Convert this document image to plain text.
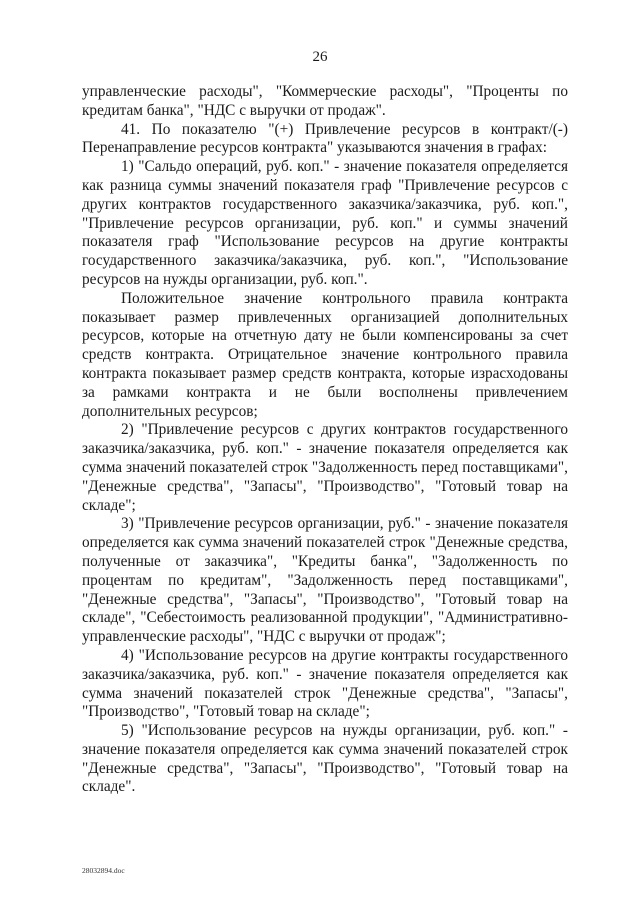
26

управленческие расходы", "Коммерческие расходы", "Проценты по кредитам банка", "НДС с выручки от продаж".

41. По показателю "(+) Привлечение ресурсов в контракт/(-) Перенаправление ресурсов контракта" указываются значения в графах:

1) "Сальдо операций, руб. коп." - значение показателя определяется как разница суммы значений показателя граф "Привлечение ресурсов с других контрактов государственного заказчика/заказчика, руб. коп.", "Привлечение ресурсов организации, руб. коп." и суммы значений показателя граф "Использование ресурсов на другие контракты государственного заказчика/заказчика, руб. коп.", "Использование ресурсов на нужды организации, руб. коп.".

Положительное значение контрольного правила контракта показывает размер привлеченных организацией дополнительных ресурсов, которые на отчетную дату не были компенсированы за счет средств контракта. Отрицательное значение контрольного правила контракта показывает размер средств контракта, которые израсходованы за рамками контракта и не были восполнены привлечением дополнительных ресурсов;

2) "Привлечение ресурсов с других контрактов государственного заказчика/заказчика, руб. коп." - значение показателя определяется как сумма значений показателей строк "Задолженность перед поставщиками", "Денежные средства", "Запасы", "Производство", "Готовый товар на складе";

3) "Привлечение ресурсов организации, руб." - значение показателя определяется как сумма значений показателей строк "Денежные средства, полученные от заказчика", "Кредиты банка", "Задолженность по процентам по кредитам", "Задолженность перед поставщиками", "Денежные средства", "Запасы", "Производство", "Готовый товар на складе", "Себестоимость реализованной продукции", "Административно-управленческие расходы", "НДС с выручки от продаж";

4) "Использование ресурсов на другие контракты государственного заказчика/заказчика, руб. коп." - значение показателя определяется как сумма значений показателей строк "Денежные средства", "Запасы", "Производство", "Готовый товар на складе";

5) "Использование ресурсов на нужды организации, руб. коп." - значение показателя определяется как сумма значений показателей строк "Денежные средства", "Запасы", "Производство", "Готовый товар на складе".

28032894.doc
